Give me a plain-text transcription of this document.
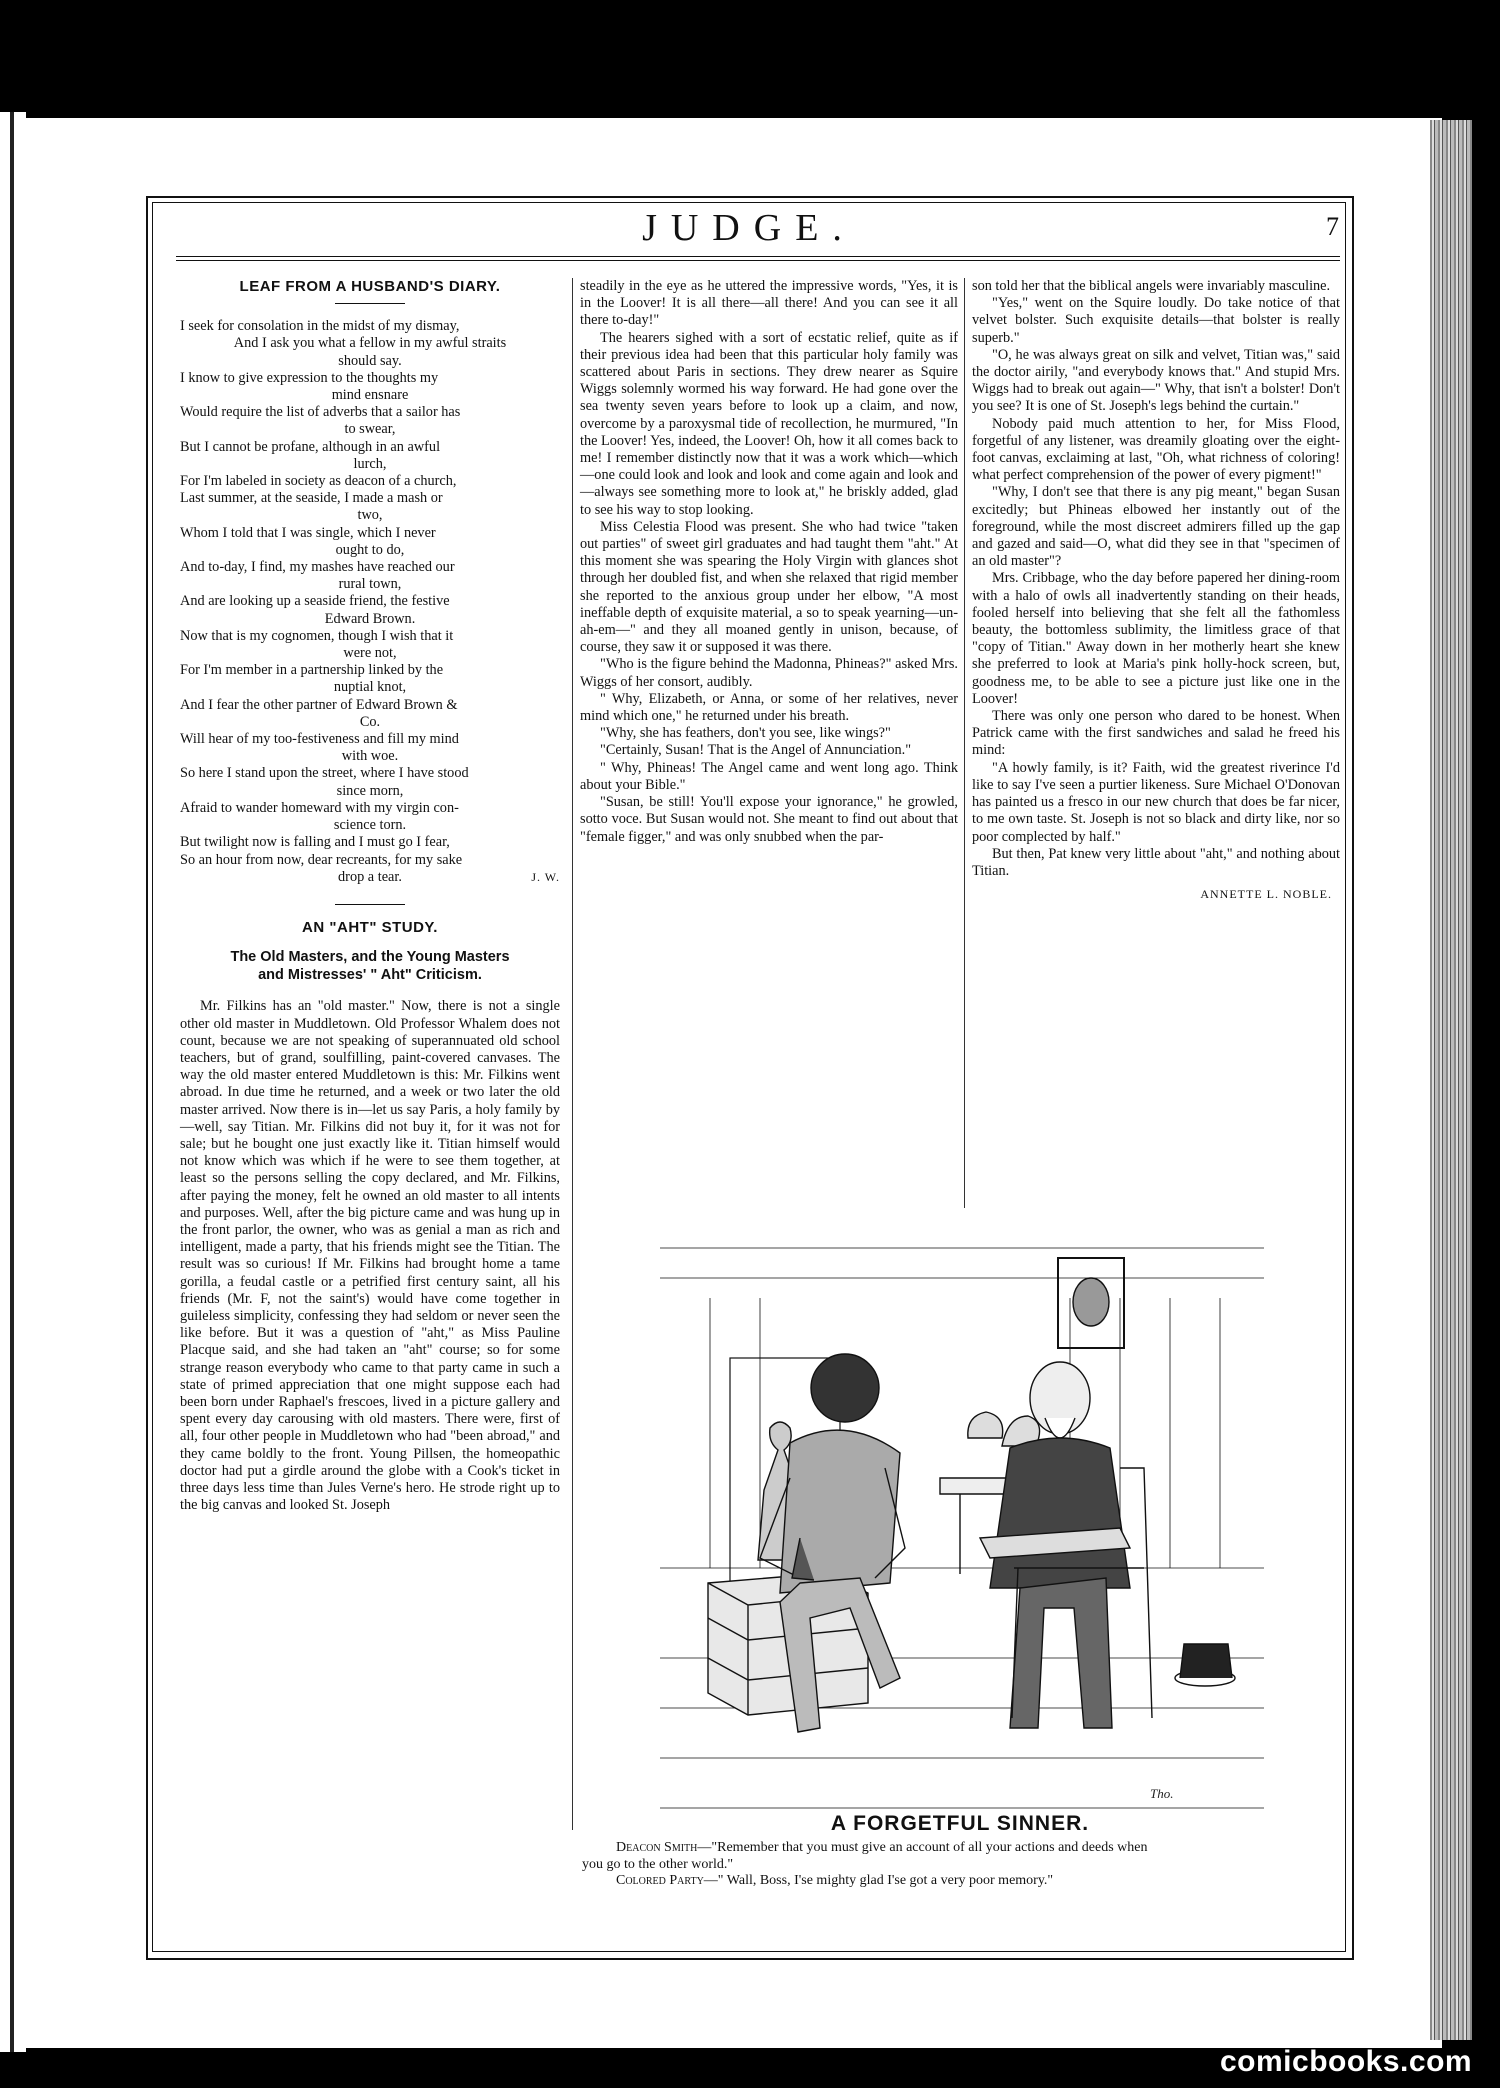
JUDGE.	7
LEAF FROM A HUSBAND'S DIARY.
I seek for consolation in the midst of my dismay,
And I ask you what a fellow in my awful straits
should say.
I know to give expression to the thoughts my
mind ensnare
Would require the list of adverbs that a sailor has
to swear,
But I cannot be profane, although in an awful
lurch,
For I'm labeled in society as deacon of a church,
Last summer, at the seaside, I made a mash or
two,
Whom I told that I was single, which I never
ought to do,
And to-day, I find, my mashes have reached our
rural town,
And are looking up a seaside friend, the festive
Edward Brown.
Now that is my cognomen, though I wish that it
were not,
For I'm member in a partnership linked by the
nuptial knot,
And I fear the other partner of Edward Brown &
Co.
Will hear of my too-festiveness and fill my mind
with woe.
So here I stand upon the street, where I have stood
since morn,
Afraid to wander homeward with my virgin con-
science torn.
But twilight now is falling and I must go I fear,
So an hour from now, dear recreants, for my sake
drop a tear.	J. W.
AN "AHT" STUDY.
The Old Masters, and the Young Masters
and Mistresses' " Aht" Criticism.

Mr. Filkins has an "old master." Now, there is not a single other old master in Muddletown. Old Professor Whalem does not count, because we are not speaking of superannuated old school teachers, but of grand, soulfilling, paint-covered canvases. The way the old master entered Muddletown is this: Mr. Filkins went abroad. In due time he returned, and a week or two later the old master arrived. Now there is in—let us say Paris, a holy family by—well, say Titian. Mr. Filkins did not buy it, for it was not for sale; but he bought one just exactly like it. Titian himself would not know which was which if he were to see them together, at least so the persons selling the copy declared, and Mr. Filkins, after paying the money, felt he owned an old master to all intents and purposes. Well, after the big picture came and was hung up in the front parlor, the owner, who was as genial a man as rich and intelligent, made a party, that his friends might see the Titian. The result was so curious! If Mr. Filkins had brought home a tame gorilla, a feudal castle or a petrified first century saint, all his friends (Mr. F, not the saint's) would have come together in guileless simplicity, confessing they had seldom or never seen the like before. But it was a question of "aht," as Miss Pauline Placque said, and she had taken an "aht" course; so for some strange reason everybody who came to that party came in such a state of primed appreciation that one might suppose each had been born under Raphael's frescoes, lived in a picture gallery and spent every day carousing with old masters. There were, first of all, four other people in Muddletown who had "been abroad," and they came boldly to the front. Young Pillsen, the homeopathic doctor had put a girdle around the globe with a Cook's ticket in three days less time than Jules Verne's hero. He strode right up to the big canvas and looked St. Joseph

steadily in the eye as he uttered the impressive words, "Yes, it is in the Loover! It is all there—all there! And you can see it all there to-day!"

The hearers sighed with a sort of ecstatic relief, quite as if their previous idea had been that this particular holy family was scattered about Paris in sections. They drew nearer as Squire Wiggs solemnly wormed his way forward. He had gone over the sea twenty seven years before to look up a claim, and now, overcome by a paroxysmal tide of recollection, he murmured, "In the Loover! Yes, indeed, the Loover! Oh, how it all comes back to me! I remember distinctly now that it was a work which—which—one could look and look and look and come again and look and—always see something more to look at," he briskly added, glad to see his way to stop looking.

Miss Celestia Flood was present. She who had twice "taken out parties" of sweet girl graduates and had taught them "aht." At this moment she was spearing the Holy Virgin with glances shot through her doubled fist, and when she relaxed that rigid member she reported to the anxious group under her elbow, "A most ineffable depth of exquisite material, a so to speak yearning—un-ah-em—" and they all moaned gently in unison, because, of course, they saw it or supposed it was there.

"Who is the figure behind the Madonna, Phineas?" asked Mrs. Wiggs of her consort, audibly.

" Why, Elizabeth, or Anna, or some of her relatives, never mind which one," he returned under his breath.

"Why, she has feathers, don't you see, like wings?"

"Certainly, Susan! That is the Angel of Annunciation."

" Why, Phineas! The Angel came and went long ago. Think about your Bible."

"Susan, be still! You'll expose your ignorance," he growled, sotto voce. But Susan would not. She meant to find out about that "female figger," and was only snubbed when the par-

son told her that the biblical angels were invariably masculine.

"Yes," went on the Squire loudly. Do take notice of that velvet bolster. Such exquisite details—that bolster is really superb."

"O, he was always great on silk and velvet, Titian was," said the doctor airily, "and everybody knows that." And stupid Mrs. Wiggs had to break out again—" Why, that isn't a bolster! Don't you see? It is one of St. Joseph's legs behind the curtain."

Nobody paid much attention to her, for Miss Flood, forgetful of any listener, was dreamily gloating over the eight-foot canvas, exclaiming at last, "Oh, what richness of coloring! what perfect comprehension of the power of every pigment!"

"Why, I don't see that there is any pig meant," began Susan excitedly; but Phineas elbowed her instantly out of the foreground, while the most discreet admirers filled up the gap and gazed and said—O, what did they see in that "specimen of an old master"?

Mrs. Cribbage, who the day before papered her dining-room with a halo of owls all inadvertently standing on their heads, fooled herself into believing that she felt all the fathomless beauty, the bottomless sublimity, the limitless grace of that "copy of Titian." Away down in her motherly heart she knew she preferred to look at Maria's pink holly-hock screen, but, goodness me, to be able to see a picture just like one in the Loover!

There was only one person who dared to be honest. When Patrick came with the first sandwiches and salad he freed his mind:

"A howly family, is it? Faith, wid the greatest riverince I'd like to say I've seen a purtier likeness. Sure Michael O'Donovan has painted us a fresco in our new church that does be far nicer, to me own taste. St. Joseph is not so black and dirty like, nor so poor complected by half."

But then, Pat knew very little about "aht," and nothing about Titian.

ANNETTE L. NOBLE.
Tho.
A FORGETFUL SINNER.

Deacon Smith—"Remember that you must give an account of all your actions and deeds when

you go to the other world."

Colored Party—" Wall, Boss, I'se mighty glad I'se got a very poor memory."

comicbooks.com
